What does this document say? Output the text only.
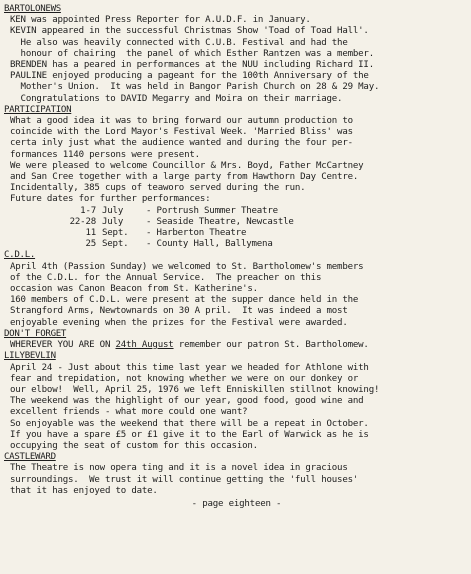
BARTOLONEWS
KEN was appointed Press Reporter for A.U.D.F. in January.
KEVIN appeared in the successful Christmas Show 'Toad of Toad Hall'.
He also was heavily connected with C.U.B. Festival and had the
honour of chairing  the panel of which Esther Rantzen was a member.
BRENDEN has a peared in performances at the NUU including Richard II.
PAULINE enjoyed producing a pageant for the 100th Anniversary of the
Mother's Union.  It was held in Bangor Parish Church on 28 & 29 May.
Congratulations to DAVID Megarry and Moira on their marriage.
PARTICIPATION
What a good idea it was to bring forward our autumn production to
coincide with the Lord Mayor's Festival Week. 'Married Bliss' was
certa inly just what the audience wanted and during the four per-
formances 1140 persons were present.
We were pleased to welcome Councillor & Mrs. Boyd, Father McCartney
and San Cree together with a large party from Hawthorn Day Centre.
Incidentally, 385 cups of teaworo served during the run.
Future dates for further performances:
1-7 July	- Portrush Summer Theatre
22-28 July	- Seaside Theatre, Newcastle
11 Sept.	- Harberton Theatre
25 Sept.	- County Hall, Ballymena
C.D.L.
April 4th (Passion Sunday) we welcomed to St. Bartholomew's members
of the C.D.L. for the Annual Service.  The preacher on this
occasion was Canon Beacon from St. Katherine's.
160 members of C.D.L. were present at the supper dance held in the
Strangford Arms, Newtownards on 30 A pril.  It was indeed a most
enjoyable evening when the prizes for the Festival were awarded.
DON'T FORGET
WHEREVER YOU ARE ON 24th August remember our patron St. Bartholomew.
LILYBEVLIN
April 24 - Just about this time last year we headed for Athlone with
fear and trepidation, not knowing whether we were on our donkey or
our elbow!  Well, April 25, 1976 we left Enniskillen stillnot knowing!
The weekend was the highlight of our year, good food, good wine and
excellent friends - what more could one want?
So enjoyable was the weekend that there will be a repeat in October.
If you have a spare £5 or £1 give it to the Earl of Warwick as he is
occupying the seat of custom for this occasion.
CASTLEWARD
The Theatre is now opera ting and it is a novel idea in gracious
surroundings.  We trust it will continue getting the 'full houses'
that it has enjoyed to date.
- page eighteen -
